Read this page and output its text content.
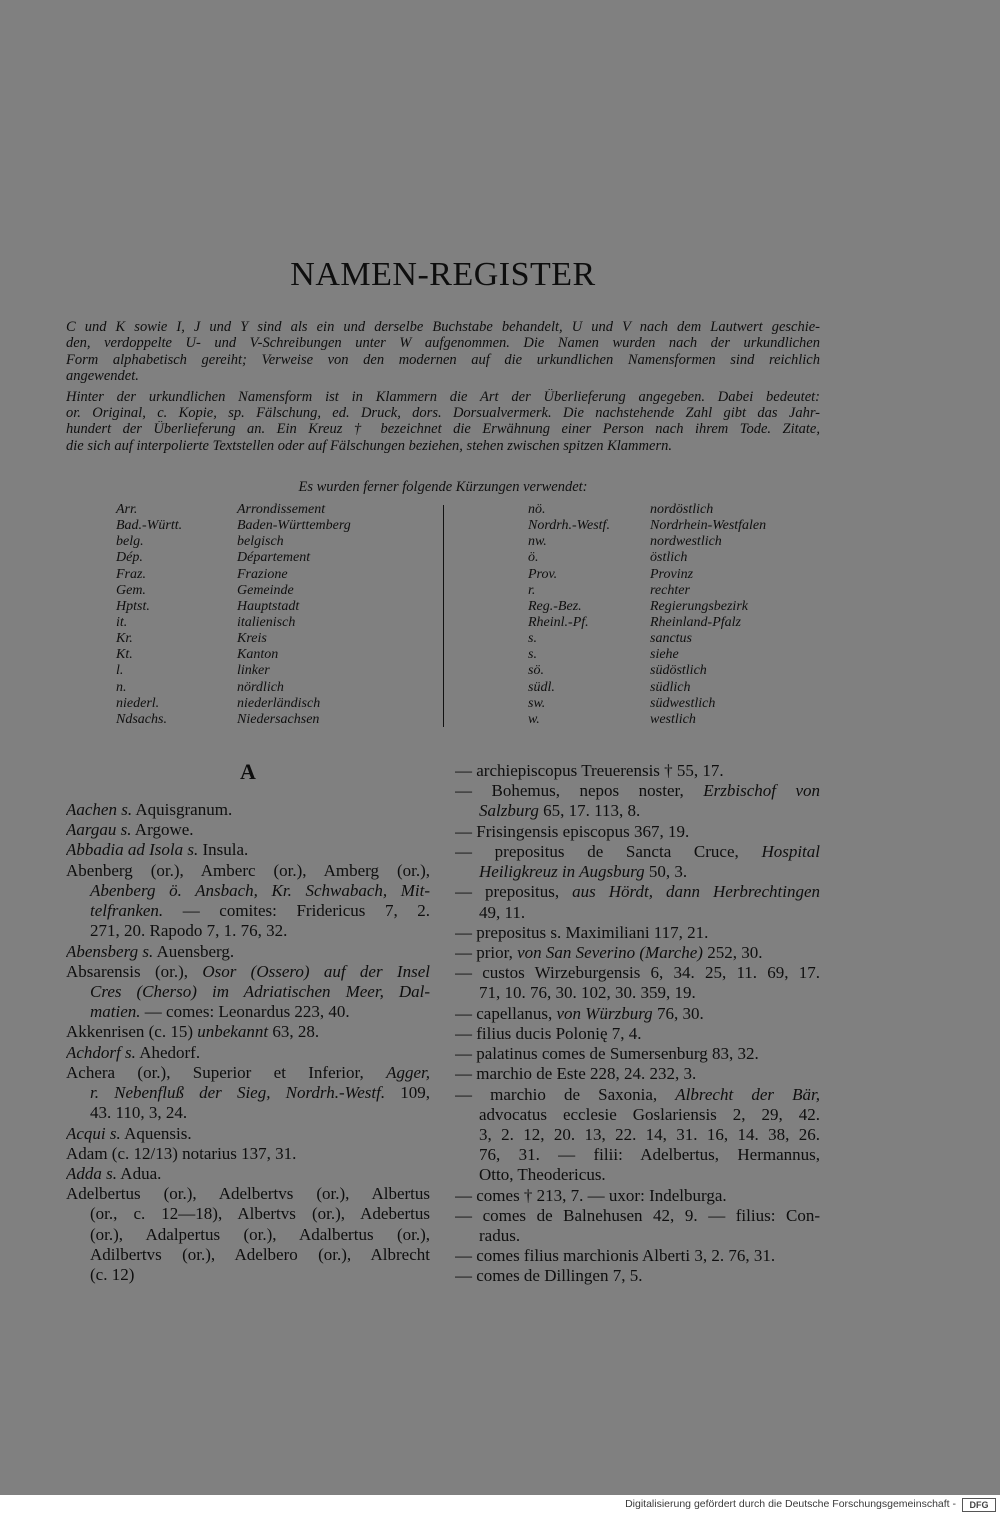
NAMEN-REGISTER
C und K sowie I, J und Y sind als ein und derselbe Buchstabe behandelt, U und V nach dem Lautwert geschie-
den, verdoppelte U- und V-Schreibungen unter W aufgenommen. Die Namen wurden nach der urkundlichen
Form alphabetisch gereiht; Verweise von den modernen auf die urkundlichen Namensformen sind reichlich
angewendet.
Hinter der urkundlichen Namensform ist in Klammern die Art der Überlieferung angegeben. Dabei bedeutet:
or. Original, c. Kopie, sp. Fälschung, ed. Druck, dors. Dorsualvermerk. Die nachstehende Zahl gibt das Jahr-
hundert der Überlieferung an. Ein Kreuz † bezeichnet die Erwähnung einer Person nach ihrem Tode. Zitate,
die sich auf interpolierte Textstellen oder auf Fälschungen beziehen, stehen zwischen spitzen Klammern.
Es wurden ferner folgende Kürzungen verwendet:
Arr.	Arrondissement
Bad.-Württ.	Baden-Württemberg
belg.	belgisch
Dép.	Département
Fraz.	Frazione
Gem.	Gemeinde
Hptst.	Hauptstadt
it.	italienisch
Kr.	Kreis
Kt.	Kanton
l.	linker
n.	nördlich
niederl.	niederländisch
Ndsachs.	Niedersachsen
nö.	nordöstlich
Nordrh.-Westf.	Nordrhein-Westfalen
nw.	nordwestlich
ö.	östlich
Prov.	Provinz
r.	rechter
Reg.-Bez.	Regierungsbezirk
Rheinl.-Pf.	Rheinland-Pfalz
s.	sanctus
s.	siehe
sö.	südöstlich
südl.	südlich
sw.	südwestlich
w.	westlich
A
Aachen s. Aquisgranum.
Aargau s. Argowe.
Abbadia ad Isola s. Insula.
Abenberg (or.), Amberc (or.), Amberg (or.),
Abenberg ö. Ansbach, Kr. Schwabach, Mit-
telfranken. — comites: Fridericus 7, 2.
271, 20. Rapodo 7, 1. 76, 32.
Abensberg s. Auensberg.
Absarensis (or.), Osor (Ossero) auf der Insel
Cres (Cherso) im Adriatischen Meer, Dal-
matien. — comes: Leonardus 223, 40.
Akkenrisen (c. 15) unbekannt 63, 28.
Achdorf s. Ahedorf.
Achera (or.), Superior et Inferior, Agger,
r. Nebenfluß der Sieg, Nordrh.-Westf. 109,
43. 110, 3, 24.
Acqui s. Aquensis.
Adam (c. 12/13) notarius 137, 31.
Adda s. Adua.
Adelbertus (or.), Adelbertvs (or.), Albertus
(or., c. 12—18), Albertvs (or.), Adebertus
(or.), Adalpertus (or.), Adalbertus (or.),
Adilbertvs (or.), Adelbero (or.), Albrecht
(c. 12)
— archiepiscopus Treuerensis † 55, 17.
— Bohemus, nepos noster, Erzbischof von
Salzburg 65, 17. 113, 8.
— Frisingensis episcopus 367, 19.
— prepositus de Sancta Cruce, Hospital
Heiligkreuz in Augsburg 50, 3.
— prepositus, aus Hördt, dann Herbrechtingen
49, 11.
— prepositus s. Maximiliani 117, 21.
— prior, von San Severino (Marche) 252, 30.
— custos Wirzeburgensis 6, 34. 25, 11. 69, 17.
71, 10. 76, 30. 102, 30. 359, 19.
— capellanus, von Würzburg 76, 30.
— filius ducis Polonię 7, 4.
— palatinus comes de Sumersenburg 83, 32.
— marchio de Este 228, 24. 232, 3.
— marchio de Saxonia, Albrecht der Bär,
advocatus ecclesie Goslariensis 2, 29, 42.
3, 2. 12, 20. 13, 22. 14, 31. 16, 14. 38, 26.
76, 31. — filii: Adelbertus, Hermannus,
Otto, Theodericus.
— comes † 213, 7. — uxor: Indelburga.
— comes de Balnehusen 42, 9. — filius: Con-
radus.
— comes filius marchionis Alberti 3, 2. 76, 31.
— comes de Dillingen 7, 5.
Digitalisierung gefördert durch die Deutsche Forschungsgemeinschaft -	DFG
